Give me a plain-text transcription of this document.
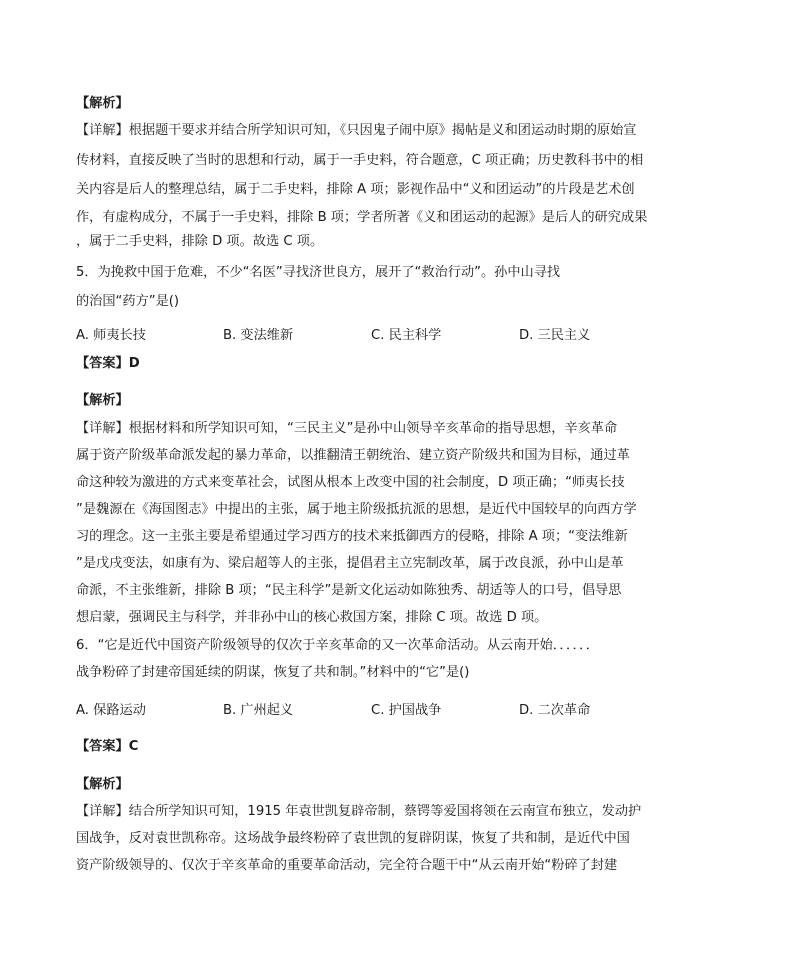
【解析】
【详解】根据题干要求并结合所学知识可知，《只因鬼子闹中原》揭帖是义和团运动时期的原始宣
传材料，直接反映了当时的思想和行动，属于一手史料，符合题意，C 项正确；历史教科书中的相
关内容是后人的整理总结，属于二手史料，排除 A 项；影视作品中“义和团运动”的片段是艺术创
作，有虚构成分，不属于一手史料，排除 B 项；学者所著《义和团运动的起源》是后人的研究成果
，属于二手史料，排除 D 项。故选 C 项。
5．为挽救中国于危难，不少“名医”寻找济世良方，展开了“救治行动”。孙中山寻找
的治国“药方”是()
A. 师夷长技	B. 变法维新	C. 民主科学	D. 三民主义
【答案】D
【解析】
【详解】根据材料和所学知识可知，“三民主义”是孙中山领导辛亥革命的指导思想，辛亥革命
属于资产阶级革命派发起的暴力革命，以推翻清王朝统治、建立资产阶级共和国为目标，通过革
命这种较为激进的方式来变革社会，试图从根本上改变中国的社会制度，D 项正确；“师夷长技
”是魏源在《海国图志》中提出的主张，属于地主阶级抵抗派的思想，是近代中国较早的向西方学
习的理念。这一主张主要是希望通过学习西方的技术来抵御西方的侵略，排除 A 项；“变法维新
”是戊戌变法，如康有为、梁启超等人的主张，提倡君主立宪制改革，属于改良派，孙中山是革
命派，不主张维新，排除 B 项；“民主科学”是新文化运动如陈独秀、胡适等人的口号，倡导思
想启蒙，强调民主与科学，并非孙中山的核心救国方案，排除 C 项。故选 D 项。
6．“它是近代中国资产阶级领导的仅次于辛亥革命的又一次革命活动。从云南开始．．．．．．
战争粉碎了封建帝国延续的阴谋，恢复了共和制。”材料中的“它”是()
A. 保路运动	B. 广州起义	C. 护国战争	D. 二次革命
【答案】C
【解析】
【详解】结合所学知识可知，1915 年袁世凯复辟帝制，蔡锷等爱国将领在云南宣布独立，发动护
国战争，反对袁世凯称帝。这场战争最终粉碎了袁世凯的复辟阴谋，恢复了共和制，是近代中国
资产阶级领导的、仅次于辛亥革命的重要革命活动，完全符合题干中“从云南开始“粉碎了封建
